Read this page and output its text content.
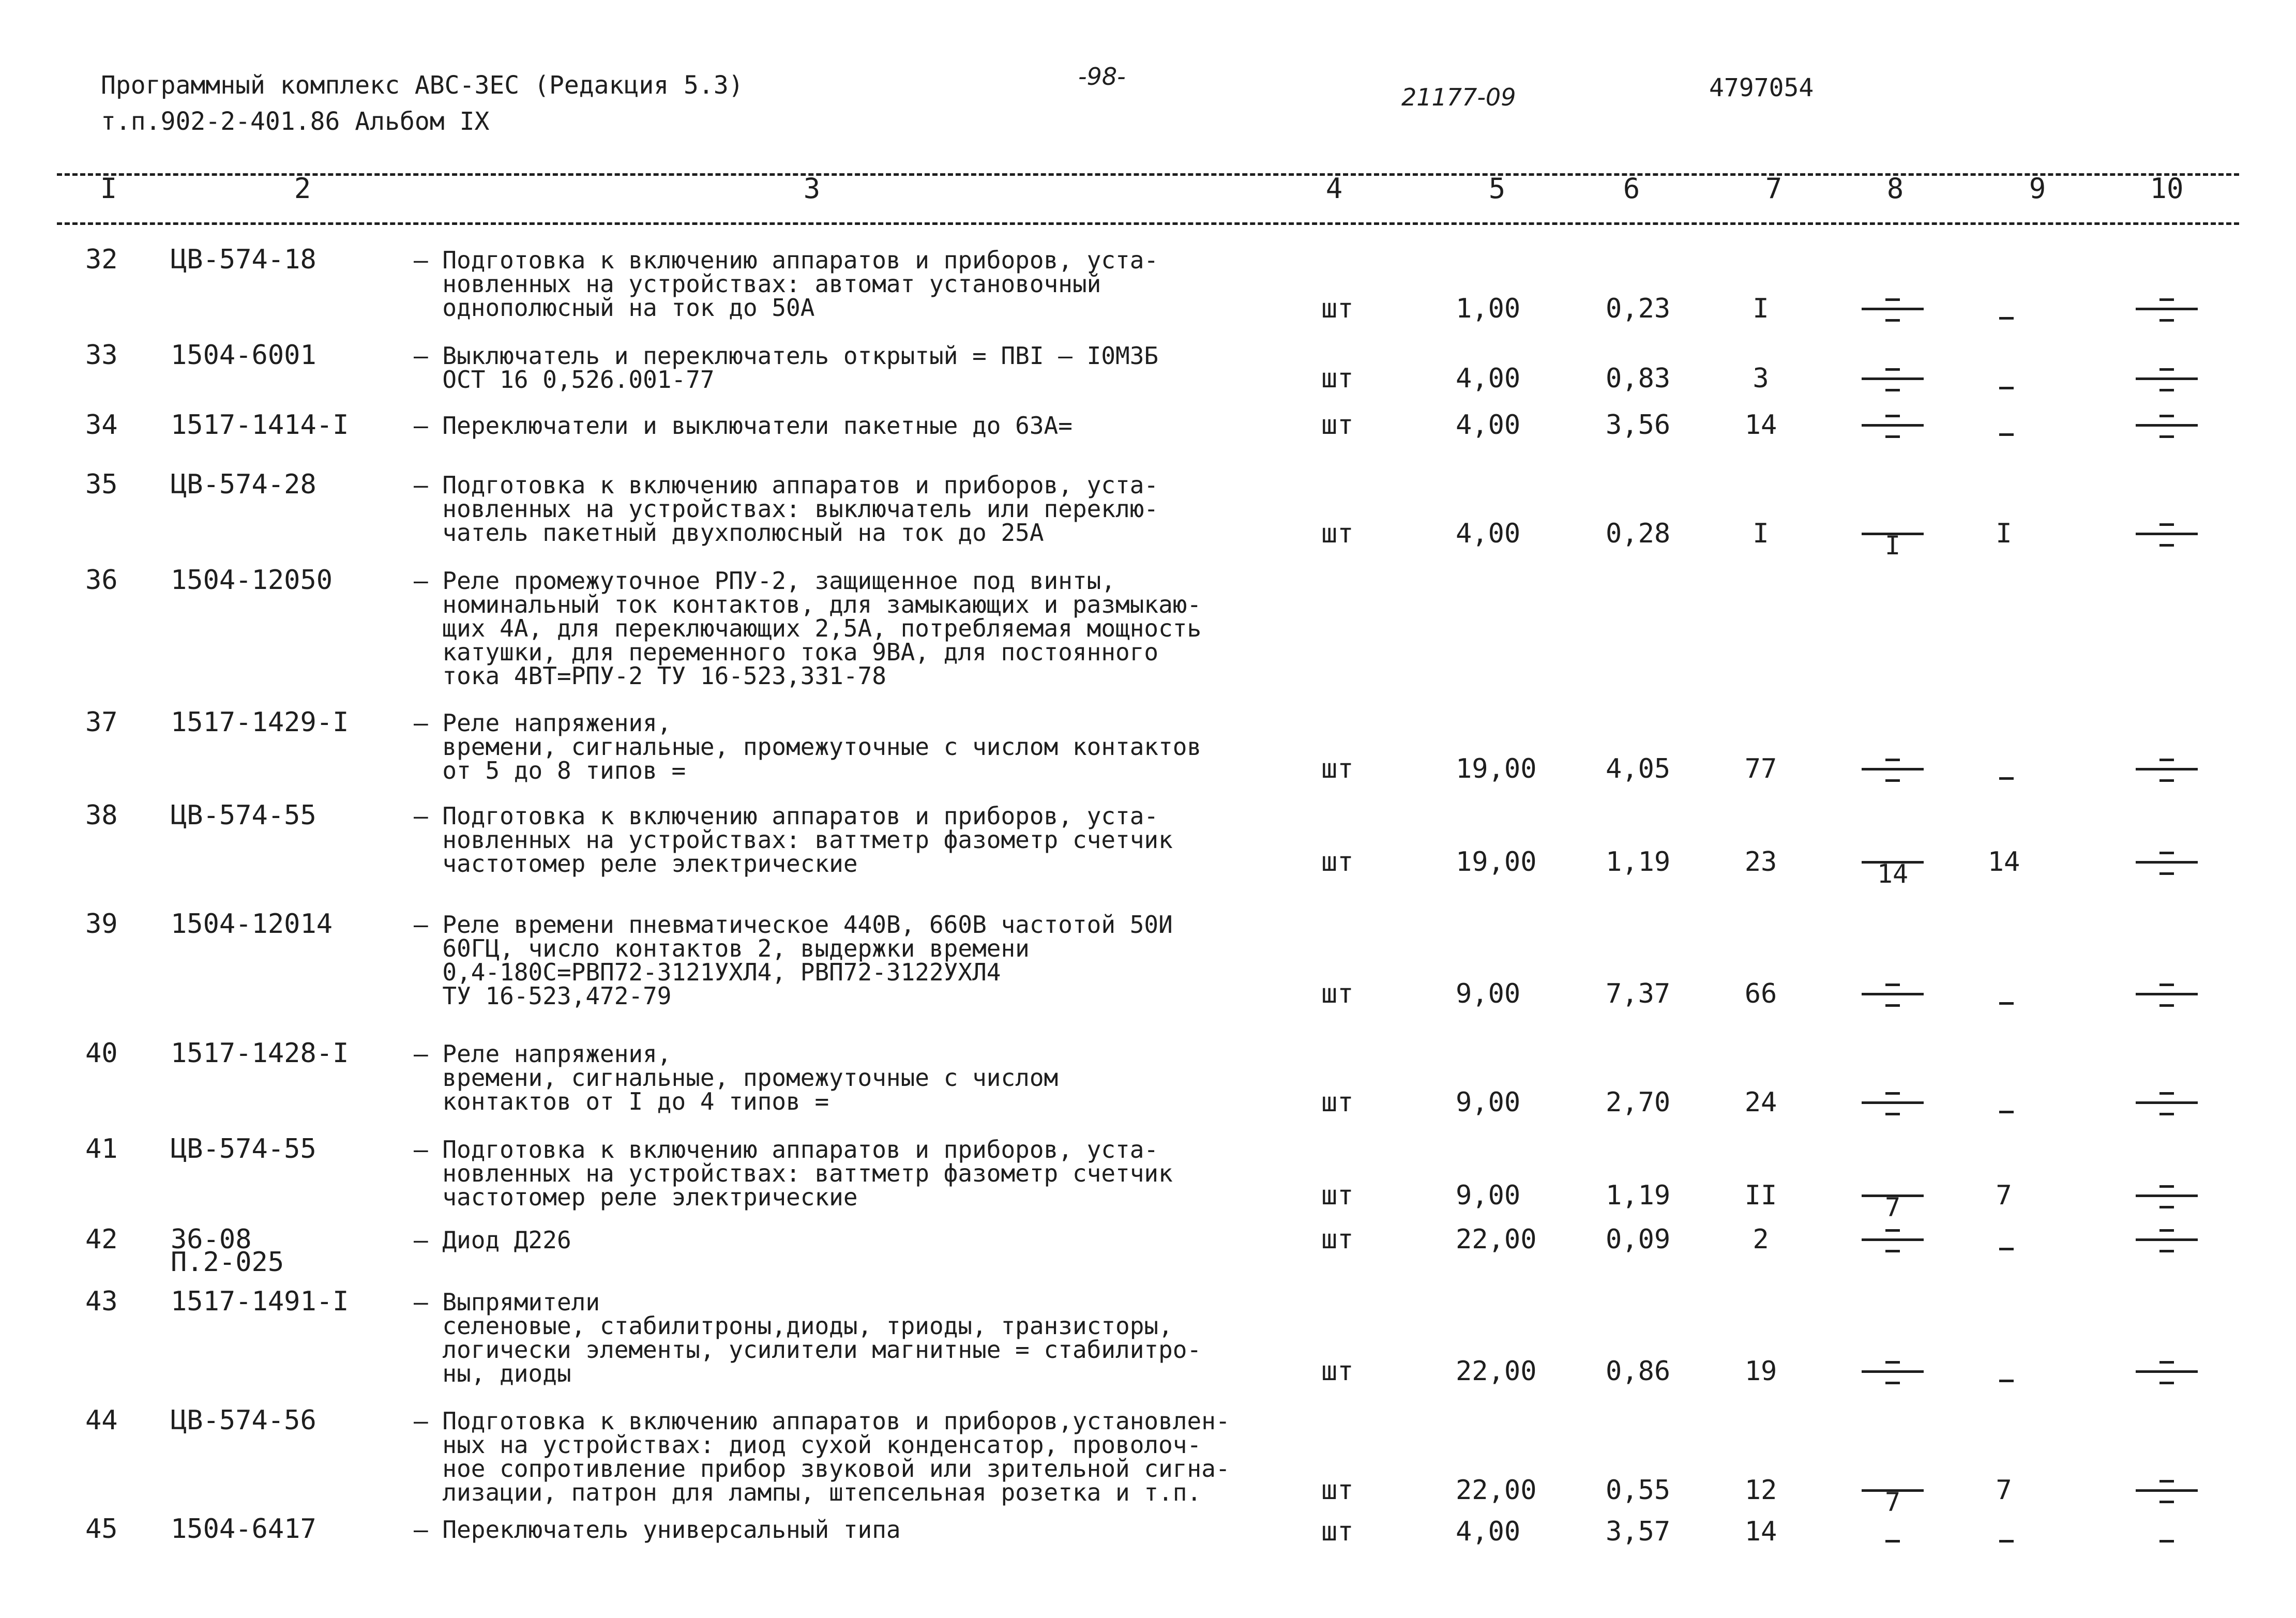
Программный комплекс АВС-3ЕС (Редакция 5.3)
т.п.902-2-401.86 Альбом IX
-98-
21177-09	4797054
I	2	3	4	5	6	7	8	9	10
32 ЦВ-574-18	– Подготовка к включению аппаратов и приборов, уста-
новленных на устройствах: автомат установочный
однополюсный на ток до 50А	шт	1,00	0,23	I
33 1504-6001	– Выключатель и переключатель открытый = ПВI – I0М3Б
ОСТ 16 0,526.001-77	шт	4,00	0,83	3
34 1517-1414-I	– Переключатели и выключатели пакетные до 63А=	шт	4,00	3,56	14
35 ЦВ-574-28	– Подготовка к включению аппаратов и приборов, уста-
новленных на устройствах: выключатель или переклю-
чатель пакетный двухполюсный на ток до 25А	шт	4,00	0,28	I	I	I
36 1504-12050	– Реле промежуточное РПУ-2, защищенное под винты,
номинальный ток контактов, для замыкающих и размыкаю-
щих 4А, для переключающих 2,5А, потребляемая мощность
катушки, для переменного тока 9ВА, для постоянного
тока 4ВТ=РПУ-2 ТУ 16-523,331-78
37 1517-1429-I	– Реле напряжения,
времени, сигнальные, промежуточные с числом контактов
от 5 до 8 типов =	шт	19,00	4,05	77
38 ЦВ-574-55	– Подготовка к включению аппаратов и приборов, уста-
новленных на устройствах: ваттметр фазометр счетчик
частотомер реле электрические	шт	19,00	1,19	23	14	14
39 1504-12014	– Реле времени пневматическое 440В, 660В частотой 50И
60ГЦ, число контактов 2, выдержки времени
0,4-180С=РВП72-3121УХЛ4, РВП72-3122УХЛ4
ТУ 16-523,472-79	шт	9,00	7,37	66
40 1517-1428-I	– Реле напряжения,
времени, сигнальные, промежуточные с числом
контактов от I до 4 типов =	шт	9,00	2,70	24
41 ЦВ-574-55	– Подготовка к включению аппаратов и приборов, уста-
новленных на устройствах: ваттметр фазометр счетчик
частотомер реле электрические	шт	9,00	1,19	II	7	7
42 36-08
П.2-025
– Диод Д226	шт	22,00	0,09	2
43 1517-1491-I	– Выпрямители
селеновые, стабилитроны,диоды, триоды, транзисторы,
логически элементы, усилители магнитные = стабилитро-
ны, диоды	шт	22,00	0,86	19
44 ЦВ-574-56	– Подготовка к включению аппаратов и приборов,установлен-
ных на устройствах: диод сухой конденсатор, проволоч-
ное сопротивление прибор звуковой или зрительной сигна-
лизации, патрон для лампы, штепсельная розетка и т.п.	шт	22,00	0,55	12	7	7
45 1504-6417	– Переключатель универсальный типа	шт	4,00	3,57	14
